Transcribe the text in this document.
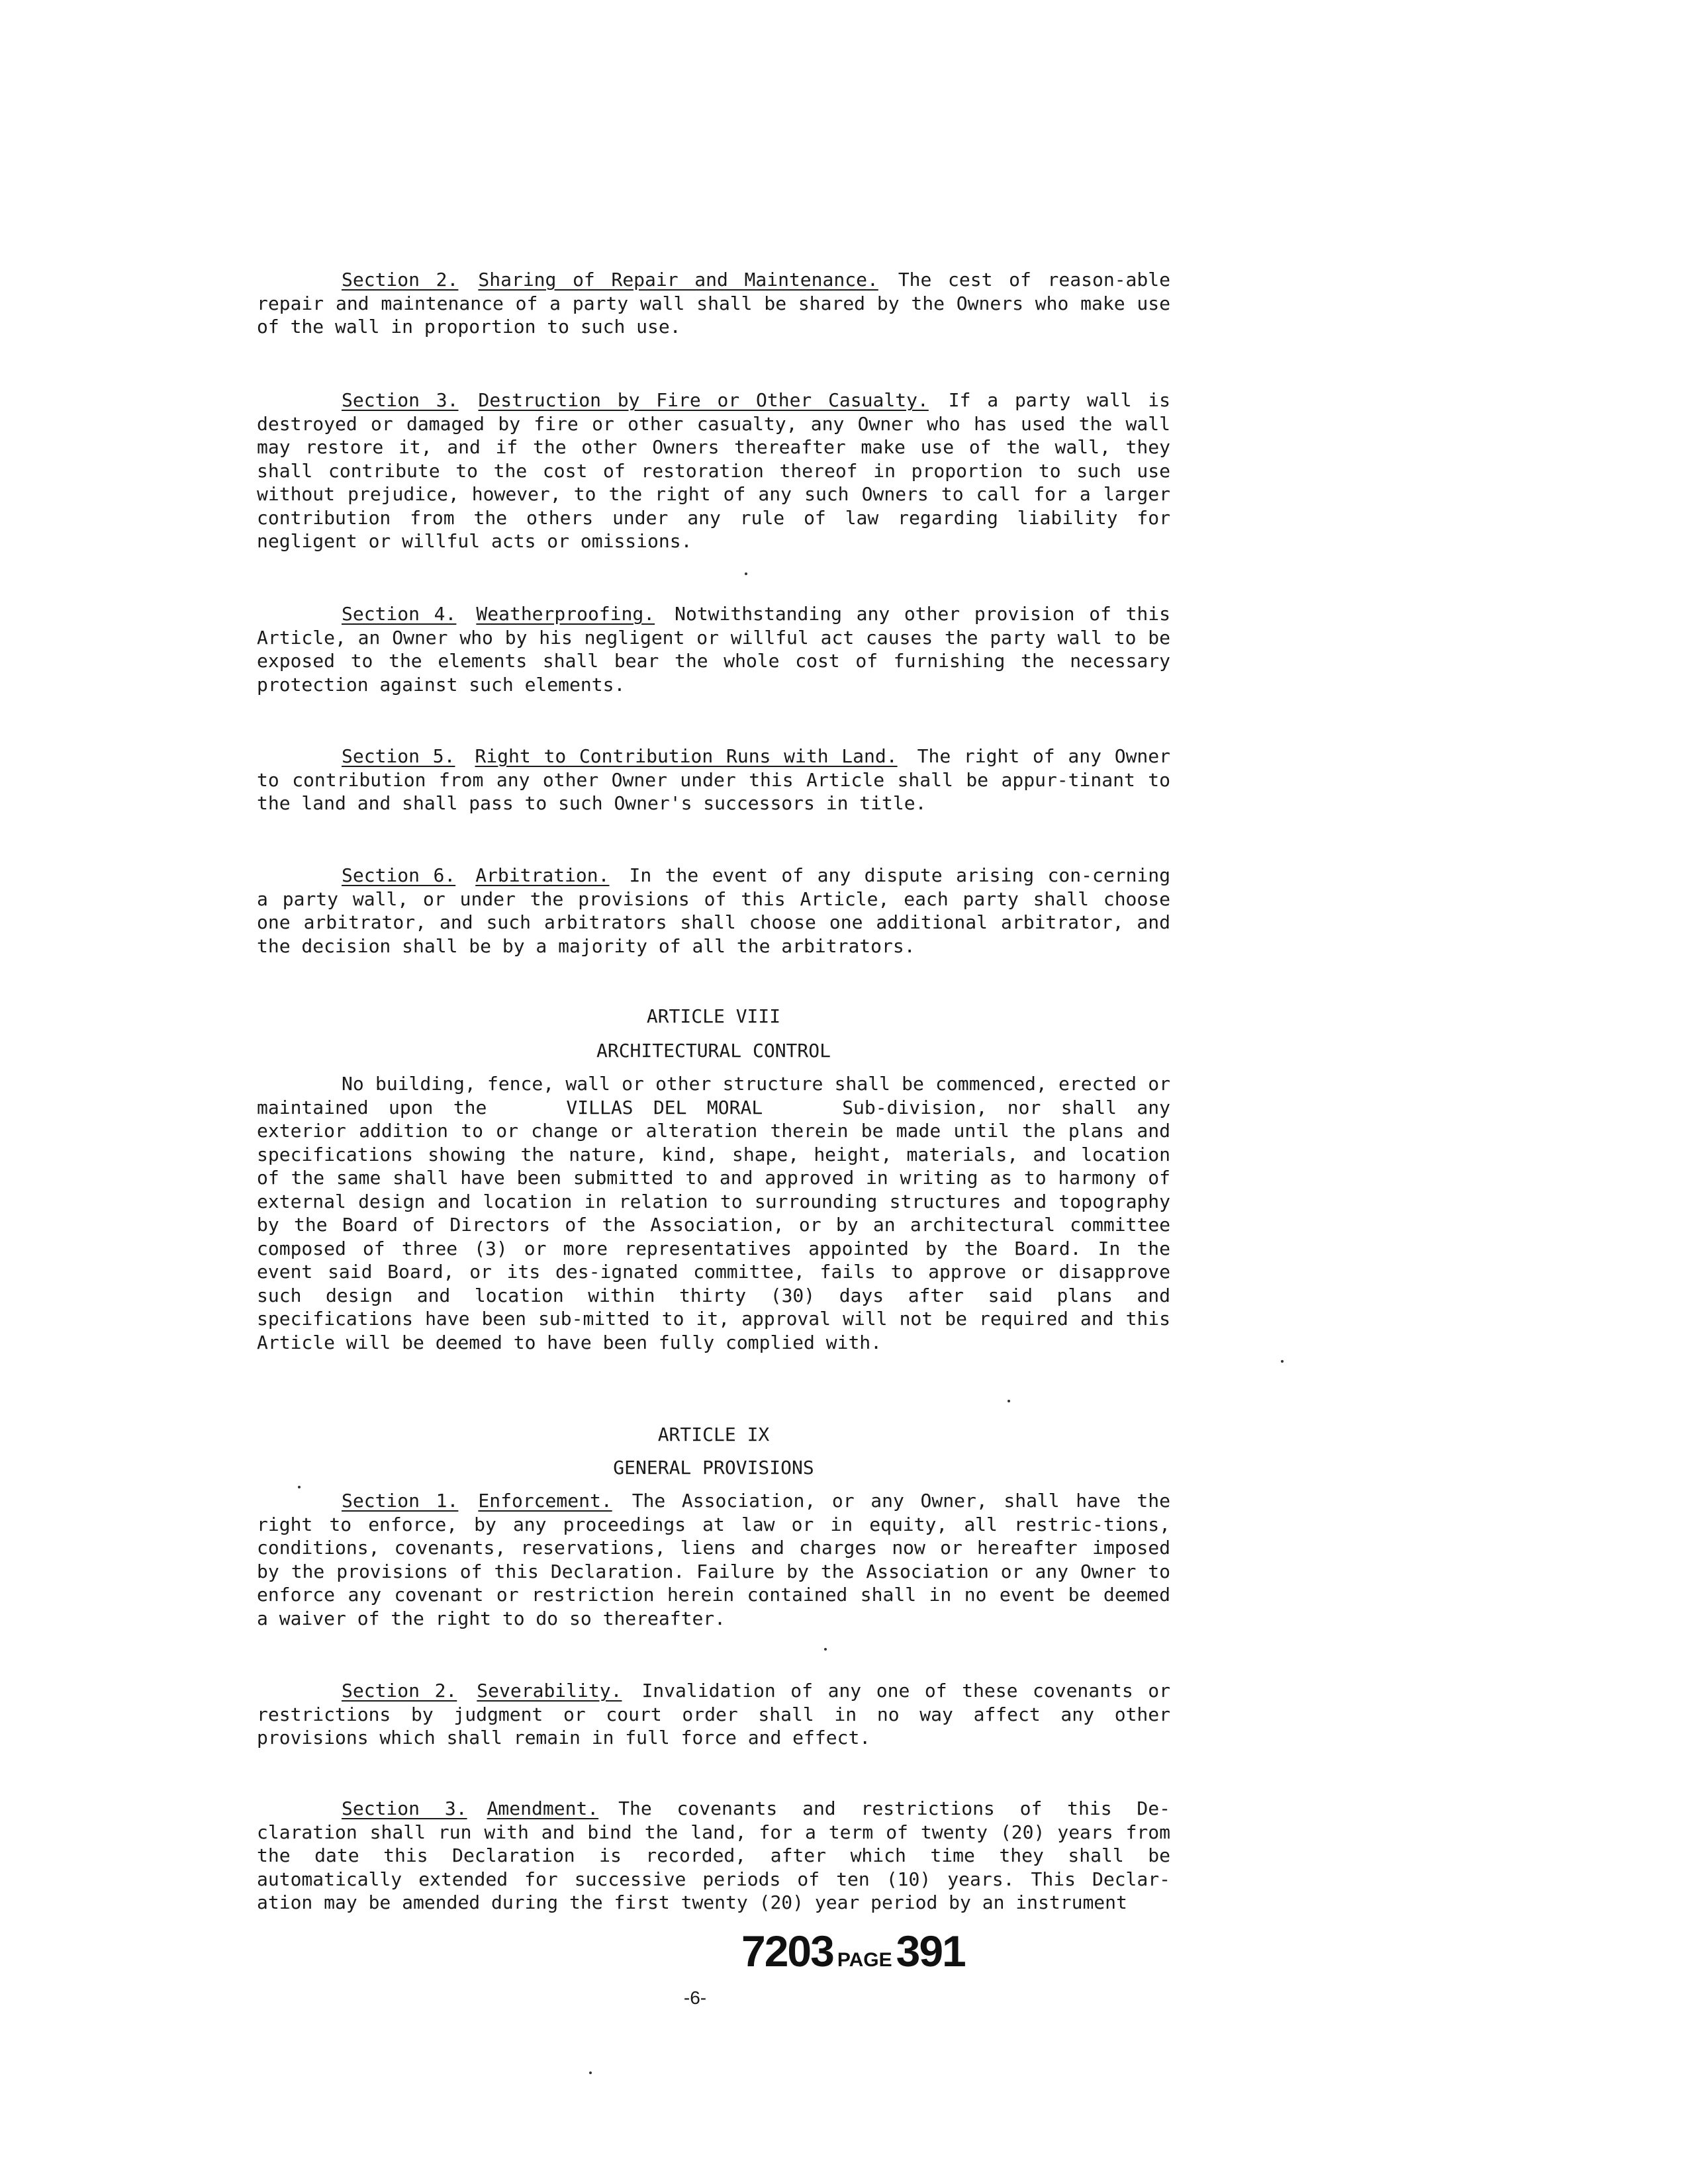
Section 2. Sharing of Repair and Maintenance. The cest of reason-able repair and maintenance of a party wall shall be shared by the Owners who make use of the wall in proportion to such use.

Section 3. Destruction by Fire or Other Casualty. If a party wall is destroyed or damaged by fire or other casualty, any Owner who has used the wall may restore it, and if the other Owners thereafter make use of the wall, they shall contribute to the cost of restoration thereof in proportion to such use without prejudice, however, to the right of any such Owners to call for a larger contribution from the others under any rule of law regarding liability for negligent or willful acts or omissions.

Section 4. Weatherproofing. Notwithstanding any other provision of this Article, an Owner who by his negligent or willful act causes the party wall to be exposed to the elements shall bear the whole cost of furnishing the necessary protection against such elements.

Section 5. Right to Contribution Runs with Land. The right of any Owner to contribution from any other Owner under this Article shall be appur-tinant to the land and shall pass to such Owner's successors in title.

Section 6. Arbitration. In the event of any dispute arising con-cerning a party wall, or under the provisions of this Article, each party shall choose one arbitrator, and such arbitrators shall choose one additional arbitrator, and the decision shall be by a majority of all the arbitrators.

ARTICLE VIII
ARCHITECTURAL CONTROL

No building, fence, wall or other structure shall be commenced, erected or maintained upon the	VILLAS DEL MORAL	Sub-division, nor shall any exterior addition to or change or alteration therein be made until the plans and specifications showing the nature, kind, shape, height, materials, and location of the same shall have been submitted to and approved in writing as to harmony of external design and location in relation to surrounding structures and topography by the Board of Directors of the Association, or by an architectural committee composed of three (3) or more representatives appointed by the Board. In the event said Board, or its des-ignated committee, fails to approve or disapprove such design and location within thirty (30) days after said plans and specifications have been sub-mitted to it, approval will not be required and this Article will be deemed to have been fully complied with.

ARTICLE IX
GENERAL PROVISIONS

Section 1. Enforcement. The Association, or any Owner, shall have the right to enforce, by any proceedings at law or in equity, all restric-tions, conditions, covenants, reservations, liens and charges now or hereafter imposed by the provisions of this Declaration. Failure by the Association or any Owner to enforce any covenant or restriction herein contained shall in no event be deemed a waiver of the right to do so thereafter.

Section 2. Severability. Invalidation of any one of these covenants or restrictions by judgment or court order shall in no way affect any other provisions which shall remain in full force and effect.

Section 3. Amendment. The covenants and restrictions of this De-claration shall run with and bind the land, for a term of twenty (20) years from the date this Declaration is recorded, after which time they shall be automatically extended for successive periods of ten (10) years. This Declar-ation may be amended during the first twenty (20) year period by an instrument

7203 PAGE391
-6-
